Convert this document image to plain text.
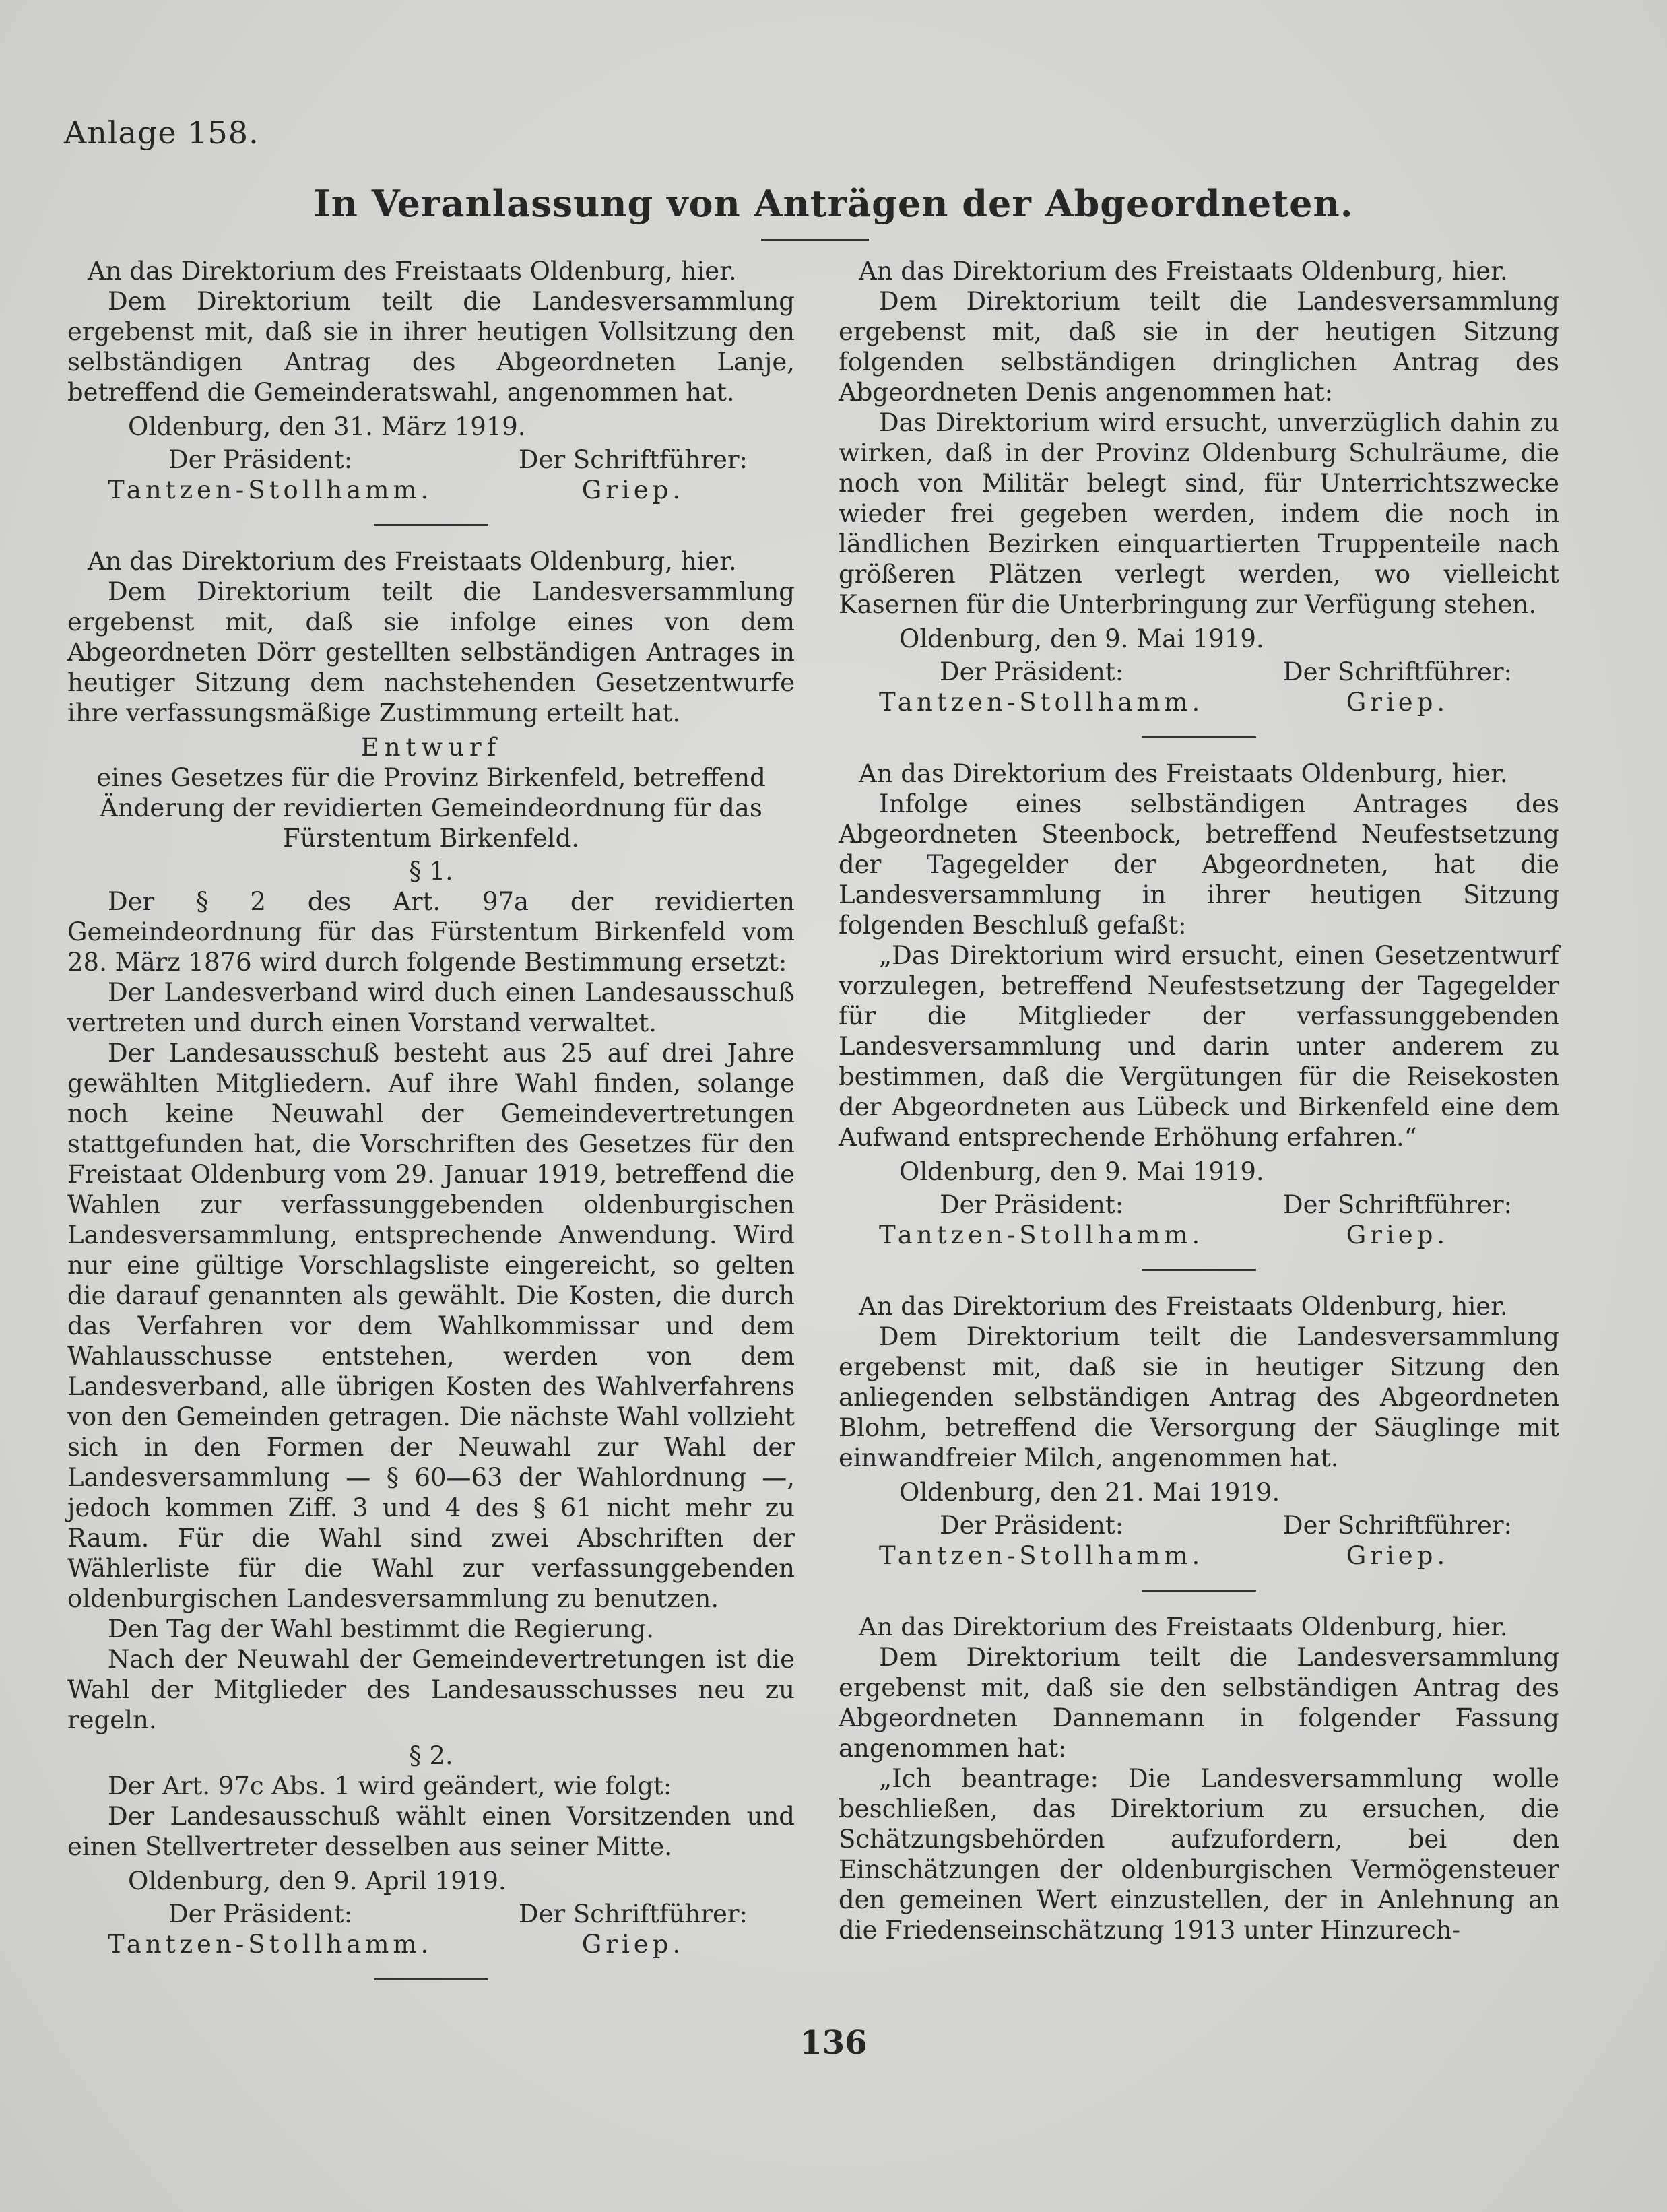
Anlage 158.
In Veranlassung von Anträgen der Abgeordneten.

An das Direktorium des Freistaats Oldenburg, hier.

Dem Direktorium teilt die Landesversammlung ergebenst mit, daß sie in ihrer heutigen Vollsitzung den selbständigen Antrag des Abgeordneten Lanje, betreffend die Gemeinderatswahl, angenommen hat.

Oldenburg, den 31. März 1919.

Der Präsident:
Tantzen-Stollhamm.
Der Schriftführer:
Griep.

An das Direktorium des Freistaats Oldenburg, hier.

Dem Direktorium teilt die Landesversammlung ergebenst mit, daß sie infolge eines von dem Abgeordneten Dörr gestellten selbständigen Antrages in heutiger Sitzung dem nachstehenden Gesetzentwurfe ihre verfassungsmäßige Zustimmung erteilt hat.

Entwurf

eines Gesetzes für die Provinz Birkenfeld, betreffend Änderung der revidierten Gemeindeordnung für das Fürstentum Birkenfeld.

§ 1.

Der § 2 des Art. 97a der revidierten Gemeindeordnung für das Fürstentum Birkenfeld vom 28. März 1876 wird durch folgende Bestimmung ersetzt:

Der Landesverband wird duch einen Landesausschuß vertreten und durch einen Vorstand verwaltet.

Der Landesausschuß besteht aus 25 auf drei Jahre gewählten Mitgliedern. Auf ihre Wahl finden, solange noch keine Neuwahl der Gemeindevertretungen stattgefunden hat, die Vorschriften des Gesetzes für den Freistaat Oldenburg vom 29. Januar 1919, betreffend die Wahlen zur verfassunggebenden oldenburgischen Landesversammlung, entsprechende Anwendung. Wird nur eine gültige Vorschlagsliste eingereicht, so gelten die darauf genannten als gewählt. Die Kosten, die durch das Verfahren vor dem Wahlkommissar und dem Wahlausschusse entstehen, werden von dem Landesverband, alle übrigen Kosten des Wahlverfahrens von den Gemeinden getragen. Die nächste Wahl vollzieht sich in den Formen der Neuwahl zur Wahl der Landesversammlung — § 60—63 der Wahlordnung —, jedoch kommen Ziff. 3 und 4 des § 61 nicht mehr zu Raum. Für die Wahl sind zwei Abschriften der Wählerliste für die Wahl zur verfassunggebenden oldenburgischen Landesversammlung zu benutzen.

Den Tag der Wahl bestimmt die Regierung.

Nach der Neuwahl der Gemeindevertretungen ist die Wahl der Mitglieder des Landesausschusses neu zu regeln.

§ 2.

Der Art. 97c Abs. 1 wird geändert, wie folgt:

Der Landesausschuß wählt einen Vorsitzenden und einen Stellvertreter desselben aus seiner Mitte.

Oldenburg, den 9. April 1919.

Der Präsident:
Tantzen-Stollhamm.
Der Schriftführer:
Griep.

An das Direktorium des Freistaats Oldenburg, hier.

Dem Direktorium teilt die Landesversammlung ergebenst mit, daß sie in der heutigen Sitzung folgenden selbständigen dringlichen Antrag des Abgeordneten Denis angenommen hat:

Das Direktorium wird ersucht, unverzüglich dahin zu wirken, daß in der Provinz Oldenburg Schulräume, die noch von Militär belegt sind, für Unterrichtszwecke wieder frei gegeben werden, indem die noch in ländlichen Bezirken einquartierten Truppenteile nach größeren Plätzen verlegt werden, wo vielleicht Kasernen für die Unterbringung zur Verfügung stehen.

Oldenburg, den 9. Mai 1919.

Der Präsident:
Tantzen-Stollhamm.
Der Schriftführer:
Griep.

An das Direktorium des Freistaats Oldenburg, hier.

Infolge eines selbständigen Antrages des Abgeordneten Steenbock, betreffend Neufestsetzung der Tagegelder der Abgeordneten, hat die Landesversammlung in ihrer heutigen Sitzung folgenden Beschluß gefaßt:

„Das Direktorium wird ersucht, einen Gesetzentwurf vorzulegen, betreffend Neufestsetzung der Tagegelder für die Mitglieder der verfassunggebenden Landesversammlung und darin unter anderem zu bestimmen, daß die Vergütungen für die Reisekosten der Abgeordneten aus Lübeck und Birkenfeld eine dem Aufwand entsprechende Erhöhung erfahren.“

Oldenburg, den 9. Mai 1919.

Der Präsident:
Tantzen-Stollhamm.
Der Schriftführer:
Griep.

An das Direktorium des Freistaats Oldenburg, hier.

Dem Direktorium teilt die Landesversammlung ergebenst mit, daß sie in heutiger Sitzung den anliegenden selbständigen Antrag des Abgeordneten Blohm, betreffend die Versorgung der Säuglinge mit einwandfreier Milch, angenommen hat.

Oldenburg, den 21. Mai 1919.

Der Präsident:
Tantzen-Stollhamm.
Der Schriftführer:
Griep.

An das Direktorium des Freistaats Oldenburg, hier.

Dem Direktorium teilt die Landesversammlung ergebenst mit, daß sie den selbständigen Antrag des Abgeordneten Dannemann in folgender Fassung angenommen hat:

„Ich beantrage: Die Landesversammlung wolle beschließen, das Direktorium zu ersuchen, die Schätzungsbehörden aufzufordern, bei den Einschätzungen der oldenburgischen Vermögensteuer den gemeinen Wert einzustellen, der in Anlehnung an die Friedenseinschätzung 1913 unter Hinzurech-

136
